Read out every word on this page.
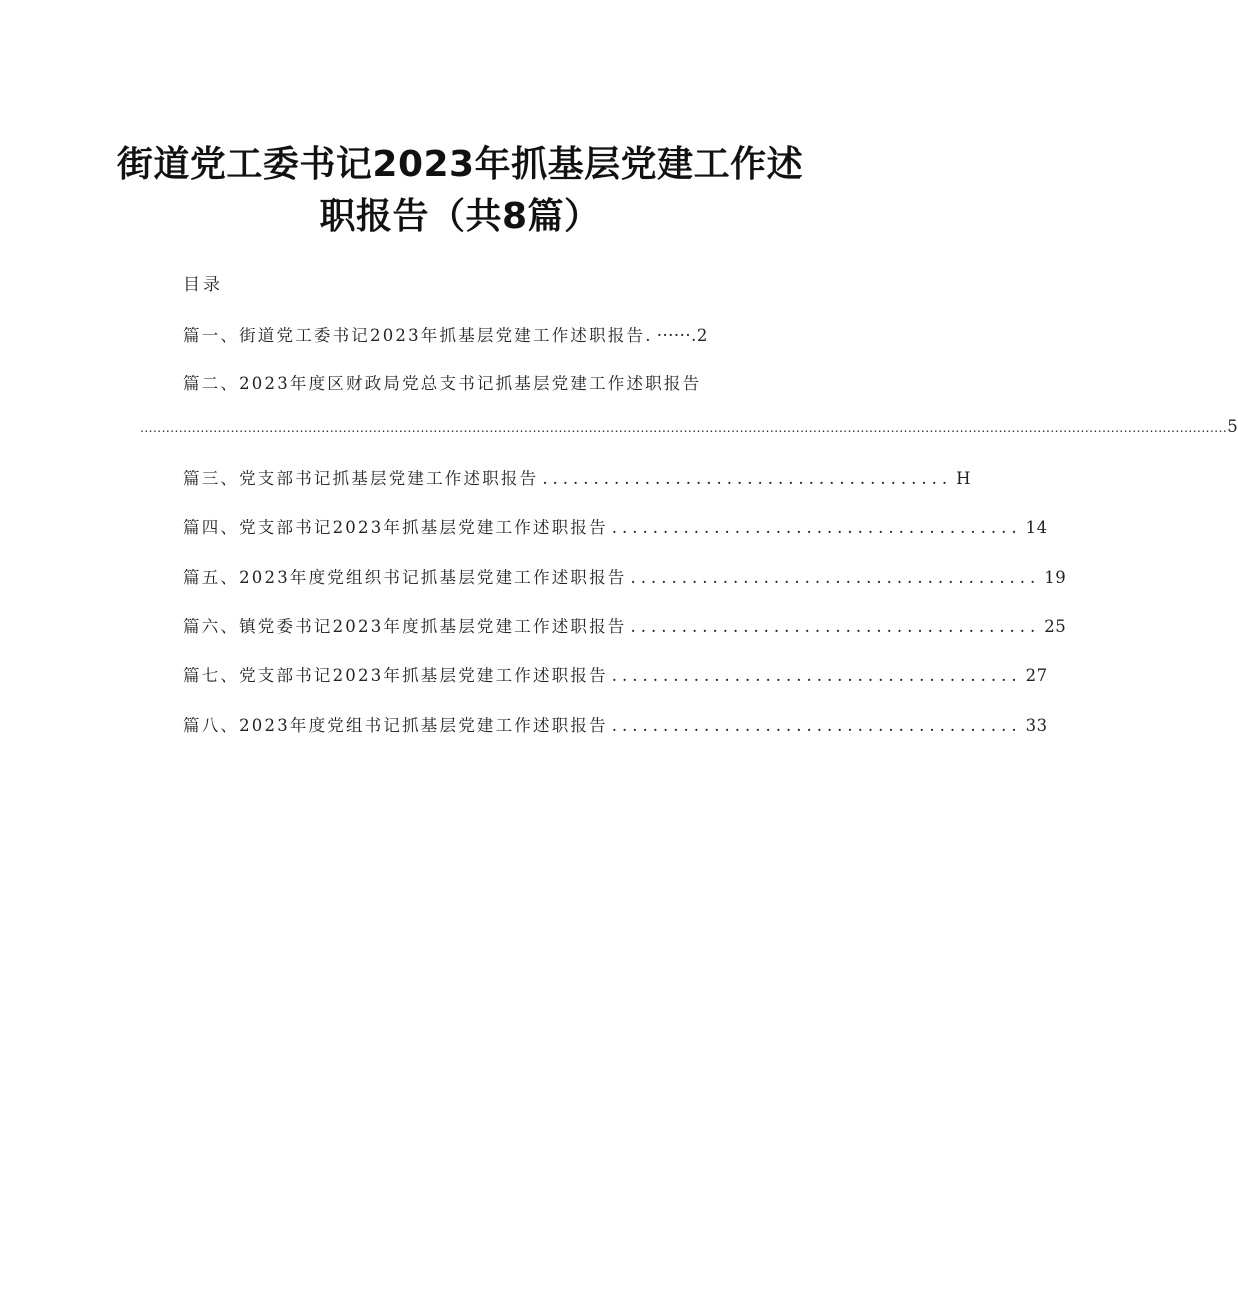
街道党工委书记2023年抓基层党建工作述
职报告（共8篇）
目录
篇一、街道党工委书记2023年抓基层党建工作述职报告 . ······. 2
篇二、2023年度区财政局党总支书记抓基层党建工作述职报告
............................................................................................................................................................................................................................................................ 5
篇三、党支部书记抓基层党建工作述职报告 ........................................ H
篇四、党支部书记2023年抓基层党建工作述职报告 ........................................ 14
篇五、2023年度党组织书记抓基层党建工作述职报告 ........................................ 19
篇六、镇党委书记2023年度抓基层党建工作述职报告 ........................................ 25
篇七、党支部书记2023年抓基层党建工作述职报告 ........................................ 27
篇八、2023年度党组书记抓基层党建工作述职报告 ........................................ 33
